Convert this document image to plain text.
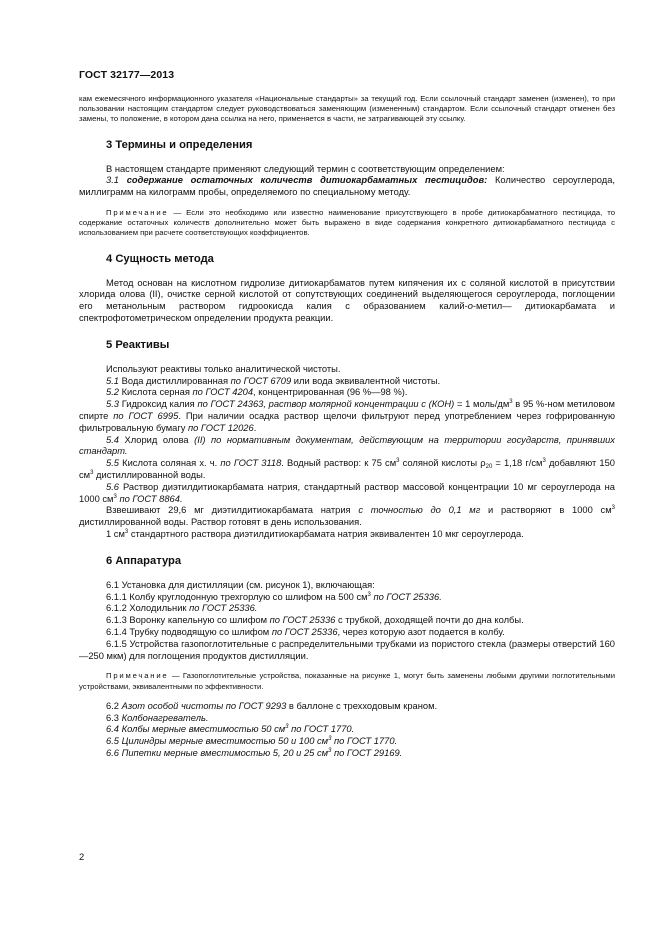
ГОСТ 32177—2013

кам ежемесячного информационного указателя «Национальные стандарты» за текущий год. Если ссылочный стандарт заменен (изменен), то при пользовании настоящим стандартом следует руководствоваться заменяющим (измененным) стандартом. Если ссылочный стандарт отменен без замены, то положение, в котором дана ссылка на него, применяется в части, не затрагивающей эту ссылку.

3 Термины и определения

В настоящем стандарте применяют следующий термин с соответствующим определением:

3.1 содержание остаточных количеств дитиокарбаматных пестицидов: Количество сероуглерода, миллиграмм на килограмм пробы, определяемого по специальному методу.

Примечание — Если это необходимо или известно наименование присутствующего в пробе дитиокарбаматного пестицида, то содержание остаточных количеств дополнительно может быть выражено в виде содержания конкретного дитиокарбаматного пестицида с использованием при расчете соответствующих коэффициентов.

4 Сущность метода

Метод основан на кислотном гидролизе дитиокарбаматов путем кипячения их с соляной кислотой в присутствии хлорида олова (II), очистке серной кислотой от сопутствующих соединений выделяющегося сероуглерода, поглощении его метанольным раствором гидроокисда калия с образованием калий-о-метил— дитиокарбамата и спектрофотометрическом определении продукта реакции.

5 Реактивы

Используют реактивы только аналитической чистоты.

5.1 Вода дистиллированная по ГОСТ 6709 или вода эквивалентной чистоты.

5.2 Кислота серная по ГОСТ 4204, концентрированная (96 %—98 %).

5.3 Гидроксид калия по ГОСТ 24363, раствор молярной концентрации с (КОН) = 1 моль/$дм^3$ в 95 %-ном метиловом спирте по ГОСТ 6995. При наличии осадка раствор щелочи фильтруют перед употреблением через гофрированную фильтровальную бумагу по ГОСТ 12026.

5.4 Хлорид олова (II) по нормативным документам, действующим на территории государств, принявших стандарт.

5.5 Кислота соляная х. ч. по ГОСТ 3118. Водный раствор: к 75 $см^3$ соляной кислоты $\rho_{20} = 1,18$ $г/см^3$ добавляют 150 $см^3$ дистиллированной воды.

5.6 Раствор диэтилдитиокарбамата натрия, стандартный раствор массовой концентрации 10 мг сероуглерода на 1000 $см^3$ по ГОСТ 8864.

Взвешивают 29,6 мг диэтилдитиокарбамата натрия с точностью до 0,1 мг и растворяют в 1000 $см^3$ дистиллированной воды. Раствор готовят в день использования.

1 $см^3$ стандартного раствора диэтилдитиокарбамата натрия эквивалентен 10 мкг сероуглерода.

6 Аппаратура

6.1 Установка для дистилляции (см. рисунок 1), включающая:

6.1.1 Колбу круглодонную трехгорлую со шлифом на 500 $см^3$ по ГОСТ 25336.

6.1.2 Холодильник по ГОСТ 25336.

6.1.3 Воронку капельную со шлифом по ГОСТ 25336 с трубкой, доходящей почти до дна колбы.

6.1.4 Трубку подводящую со шлифом по ГОСТ 25336, через которую азот подается в колбу.

6.1.5 Устройства газопоглотительные с распределительными трубками из пористого стекла (размеры отверстий 160—250 мкм) для поглощения продуктов дистилляции.

Примечание — Газопоглотительные устройства, показанные на рисунке 1, могут быть заменены любыми другими поглотительными устройствами, эквивалентными по эффективности.

6.2 Азот особой чистоты по ГОСТ 9293 в баллоне с трехходовым краном.

6.3 Колбонагреватель.

6.4 Колбы мерные вместимостью 50 $см^3$ по ГОСТ 1770.

6.5 Цилиндры мерные вместимостью 50 и 100 $см^3$ по ГОСТ 1770.

6.6 Пипетки мерные вместимостью 5, 20 и 25 $см^3$ по ГОСТ 29169.

2
